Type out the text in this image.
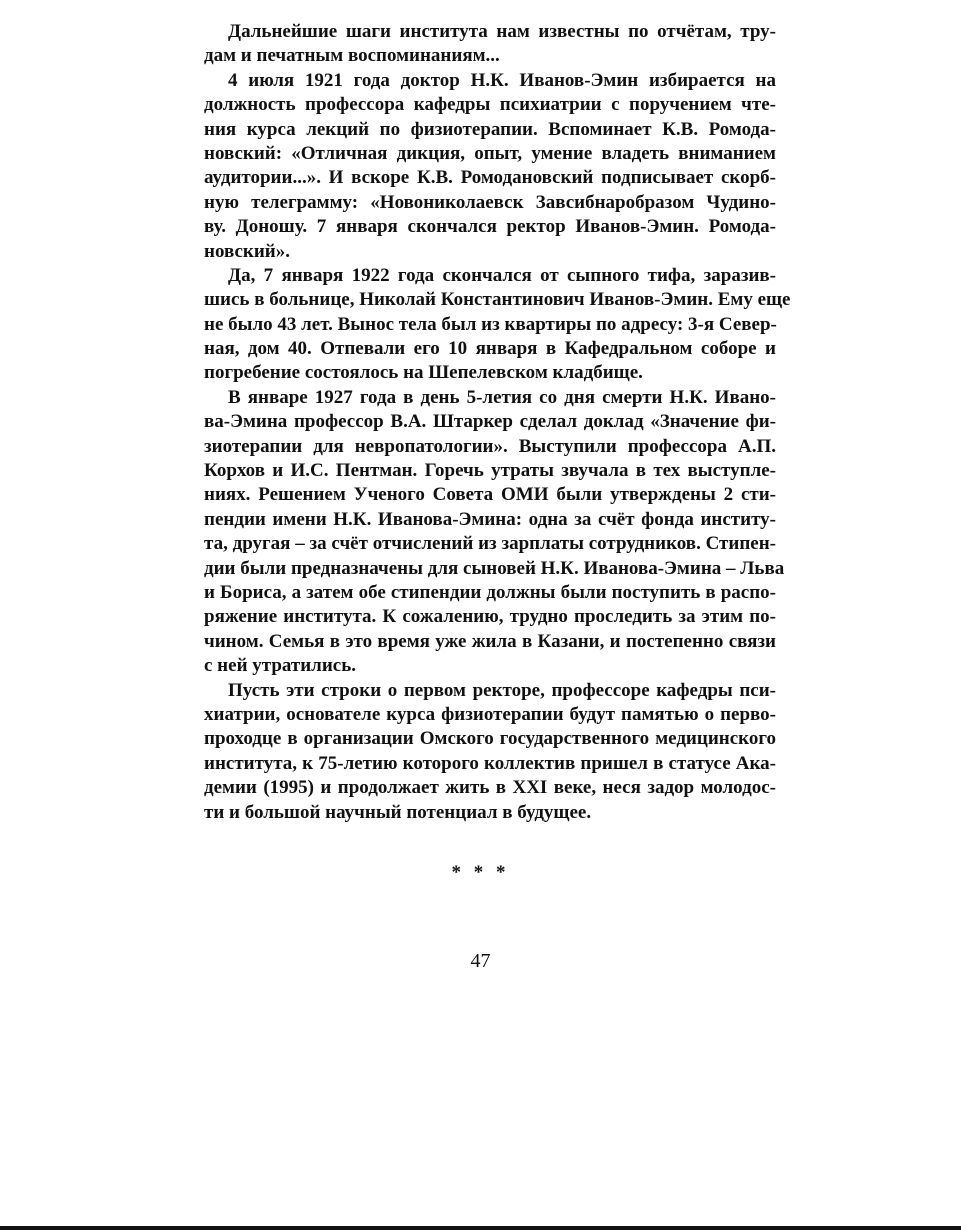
Дальнейшие шаги института нам известны по отчётам, тру-
дам и печатным воспоминаниям...
4 июля 1921 года доктор Н.К. Иванов-Эмин избирается на
должность профессора кафедры психиатрии с поручением чте-
ния курса лекций по физиотерапии. Вспоминает К.В. Ромода-
новский: «Отличная дикция, опыт, умение владеть вниманием
аудитории...». И вскоре К.В. Ромодановский подписывает скорб-
ную телеграмму: «Новониколаевск Завсибнаробразом Чудино-
ву. Доношу. 7 января скончался ректор Иванов-Эмин. Ромода-
новский».
Да, 7 января 1922 года скончался от сыпного тифа, заразив-
шись в больнице, Николай Константинович Иванов-Эмин. Ему еще
не было 43 лет. Вынос тела был из квартиры по адресу: 3-я Север-
ная, дом 40. Отпевали его 10 января в Кафедральном соборе и
погребение состоялось на Шепелевском кладбище.
В январе 1927 года в день 5-летия со дня смерти Н.К. Ивано-
ва-Эмина профессор В.А. Штаркер сделал доклад «Значение фи-
зиотерапии для невропатологии». Выступили профессора А.П.
Корхов и И.С. Пентман. Горечь утраты звучала в тех выступле-
ниях. Решением Ученого Совета ОМИ были утверждены 2 сти-
пендии имени Н.К. Иванова-Эмина: одна за счёт фонда институ-
та, другая – за счёт отчислений из зарплаты сотрудников. Стипен-
дии были предназначены для сыновей Н.К. Иванова-Эмина – Льва
и Бориса, а затем обе стипендии должны были поступить в распо-
ряжение института. К сожалению, трудно проследить за этим по-
чином. Семья в это время уже жила в Казани, и постепенно связи
с ней утратились.
Пусть эти строки о первом ректоре, профессоре кафедры пси-
хиатрии, основателе курса физиотерапии будут памятью о перво-
проходце в организации Омского государственного медицинского
института, к 75-летию которого коллектив пришел в статусе Ака-
демии (1995) и продолжает жить в XXI веке, неся задор молодос-
ти и большой научный потенциал в будущее.
* * *
47
